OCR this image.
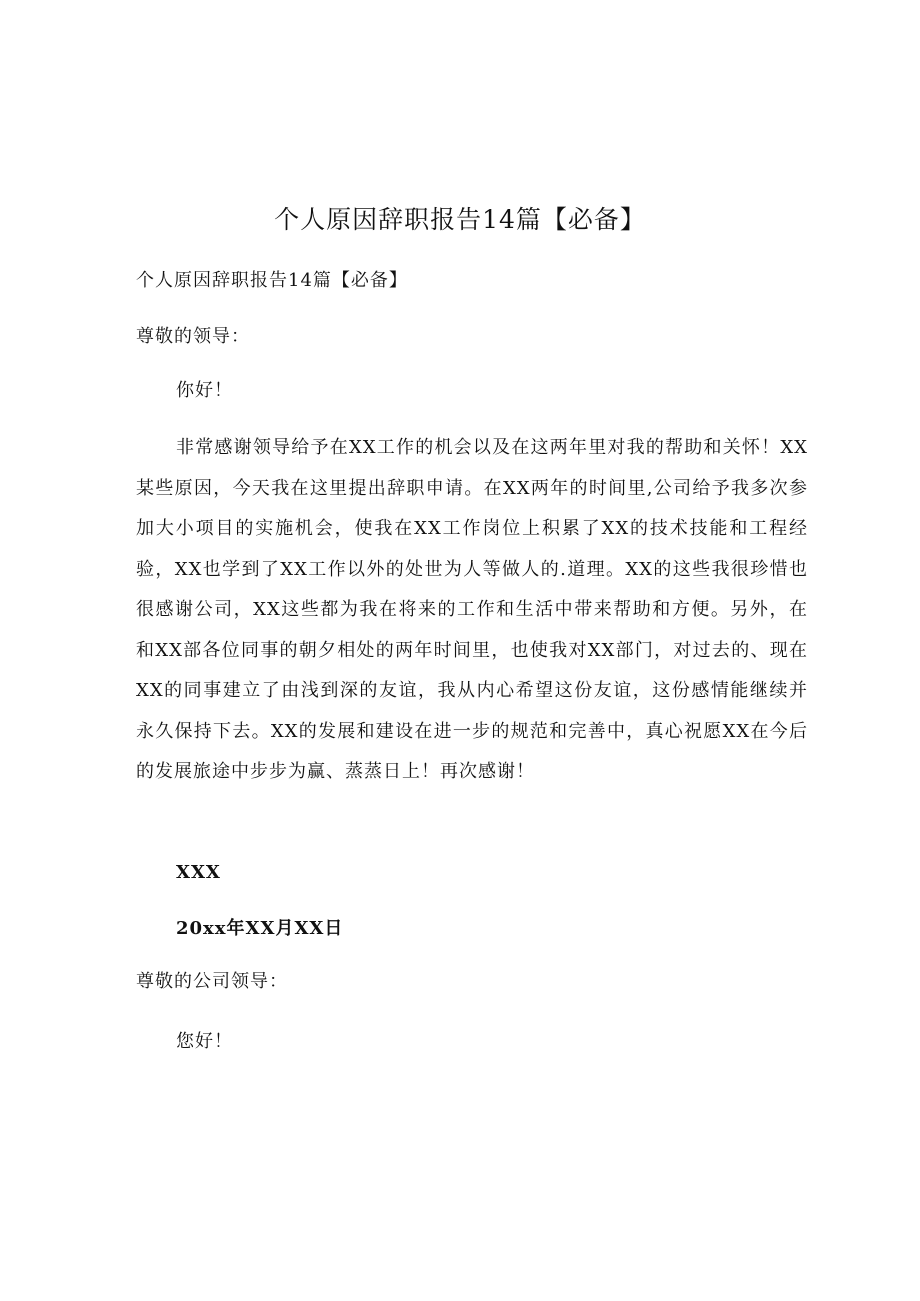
个人原因辞职报告14篇【必备】
个人原因辞职报告14篇【必备】
尊敬的领导：
你好！
非常感谢领导给予在XX工作的机会以及在这两年里对我的帮助和关怀！XX某些原因，今天我在这里提出辞职申请。在XX两年的时间里,公司给予我多次参加大小项目的实施机会，使我在XX工作岗位上积累了XX的技术技能和工程经验，XX也学到了XX工作以外的处世为人等做人的.道理。XX的这些我很珍惜也很感谢公司，XX这些都为我在将来的工作和生活中带来帮助和方便。另外，在和XX部各位同事的朝夕相处的两年时间里，也使我对XX部门，对过去的、现在XX的同事建立了由浅到深的友谊，我从内心希望这份友谊，这份感情能继续并永久保持下去。XX的发展和建设在进一步的规范和完善中，真心祝愿XX在今后的发展旅途中步步为赢、蒸蒸日上！再次感谢！
XXX
20xx年XX月XX日
尊敬的公司领导：
您好！
